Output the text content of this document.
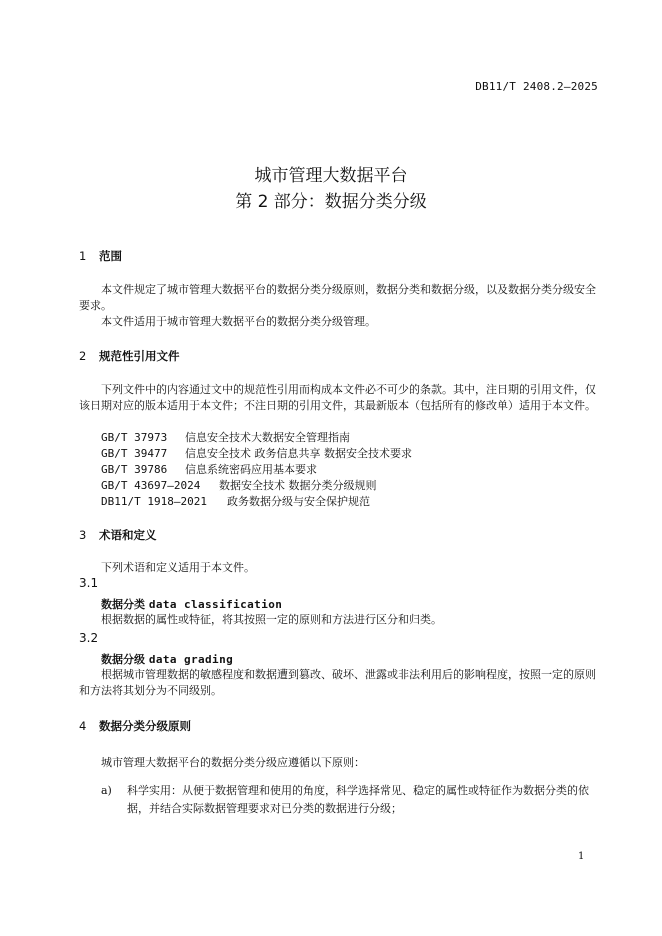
DB11/T 2408.2—2025
城市管理大数据平台
第 2 部分：数据分类分级
1 范围
本文件规定了城市管理大数据平台的数据分类分级原则，数据分类和数据分级，以及数据分类分级安全要求。
本文件适用于城市管理大数据平台的数据分类分级管理。
2 规范性引用文件
下列文件中的内容通过文中的规范性引用而构成本文件必不可少的条款。其中，注日期的引用文件，仅该日期对应的版本适用于本文件；不注日期的引用文件，其最新版本（包括所有的修改单）适用于本文件。
GB/T 37973 信息安全技术大数据安全管理指南
GB/T 39477 信息安全技术 政务信息共享 数据安全技术要求
GB/T 39786 信息系统密码应用基本要求
GB/T 43697—2024 数据安全技术 数据分类分级规则
DB11/T 1918—2021 政务数据分级与安全保护规范
3 术语和定义
下列术语和定义适用于本文件。
3.1
数据分类 data classification
根据数据的属性或特征，将其按照一定的原则和方法进行区分和归类。
3.2
数据分级 data grading
根据城市管理数据的敏感程度和数据遭到篡改、破坏、泄露或非法利用后的影响程度，按照一定的原则和方法将其划分为不同级别。
4 数据分类分级原则
城市管理大数据平台的数据分类分级应遵循以下原则：
a)	科学实用：从便于数据管理和使用的角度，科学选择常见、稳定的属性或特征作为数据分类的依据，并结合实际数据管理要求对已分类的数据进行分级；
1
